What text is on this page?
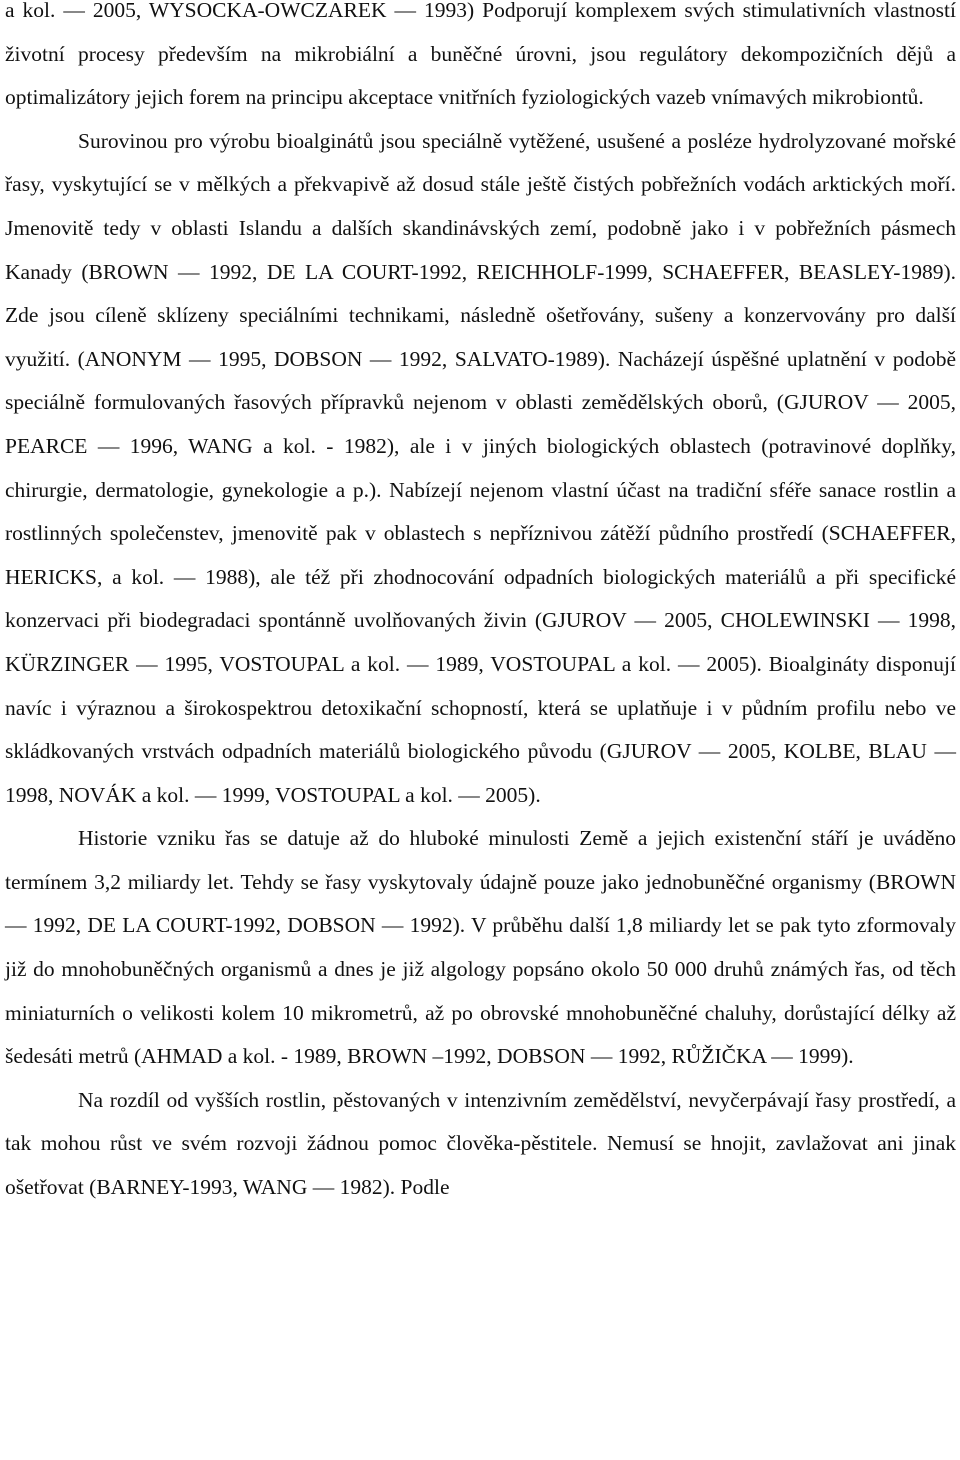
a kol. — 2005, WYSOCKA-OWCZAREK — 1993) Podporují komplexem svých stimulativních vlastností životní procesy především na mikrobiální a buněčné úrovni, jsou regulátory dekompozičních dějů a optimalizátory jejich forem na principu akceptace vnitřních fyziologických vazeb vnímavých mikrobiontů.

Surovinou pro výrobu bioalginátů jsou speciálně vytěžené, usušené a posléze hydrolyzované mořské řasy, vyskytující se v mělkých a překvapivě až dosud stále ještě čistých pobřežních vodách arktických moří. Jmenovitě tedy v oblasti Islandu a dalších skandinávských zemí, podobně jako i v pobřežních pásmech Kanady (BROWN — 1992, DE LA COURT-1992, REICHHOLF-1999, SCHAEFFER, BEASLEY-1989). Zde jsou cíleně sklízeny speciálními technikami, následně ošetřovány, sušeny a konzervovány pro další využití. (ANONYM — 1995, DOBSON — 1992, SALVATO-1989). Nacházejí úspěšné uplatnění v podobě speciálně formulovaných řasových přípravků nejenom v oblasti zemědělských oborů, (GJUROV — 2005, PEARCE — 1996, WANG a kol. - 1982), ale i v jiných biologických oblastech (potravinové doplňky, chirurgie, dermatologie, gynekologie a p.). Nabízejí nejenom vlastní účast na tradiční sféře sanace rostlin a rostlinných společenstev, jmenovitě pak v oblastech s nepříznivou zátěží půdního prostředí (SCHAEFFER, HERICKS, a kol. — 1988), ale též při zhodnocování odpadních biologických materiálů a při specifické konzervaci při biodegradaci spontánně uvolňovaných živin (GJUROV — 2005, CHOLEWINSKI — 1998, KÜRZINGER — 1995, VOSTOUPAL a kol. — 1989, VOSTOUPAL a kol. — 2005). Bioalgináty disponují navíc i výraznou a širokospektrou detoxikační schopností, která se uplatňuje i v půdním profilu nebo ve skládkovaných vrstvách odpadních materiálů biologického původu (GJUROV — 2005, KOLBE, BLAU — 1998, NOVÁK a kol. — 1999, VOSTOUPAL a kol. — 2005).

Historie vzniku řas se datuje až do hluboké minulosti Země a jejich existenční stáří je uváděno termínem 3,2 miliardy let. Tehdy se řasy vyskytovaly údajně pouze jako jednobuněčné organismy (BROWN — 1992, DE LA COURT-1992, DOBSON — 1992). V průběhu další 1,8 miliardy let se pak tyto zformovaly již do mnohobuněčných organismů a dnes je již algology popsáno okolo 50 000 druhů známých řas, od těch miniaturních o velikosti kolem 10 mikrometrů, až po obrovské mnohobuněčné chaluhy, dorůstající délky až šedesáti metrů (AHMAD a kol. - 1989, BROWN –1992, DOBSON — 1992, RŮŽIČKA — 1999).

Na rozdíl od vyšších rostlin, pěstovaných v intenzivním zemědělství, nevyčerpávají řasy prostředí, a tak mohou růst ve svém rozvoji žádnou pomoc člověka-pěstitele. Nemusí se hnojit, zavlažovat ani jinak ošetřovat (BARNEY-1993, WANG — 1982). Podle
